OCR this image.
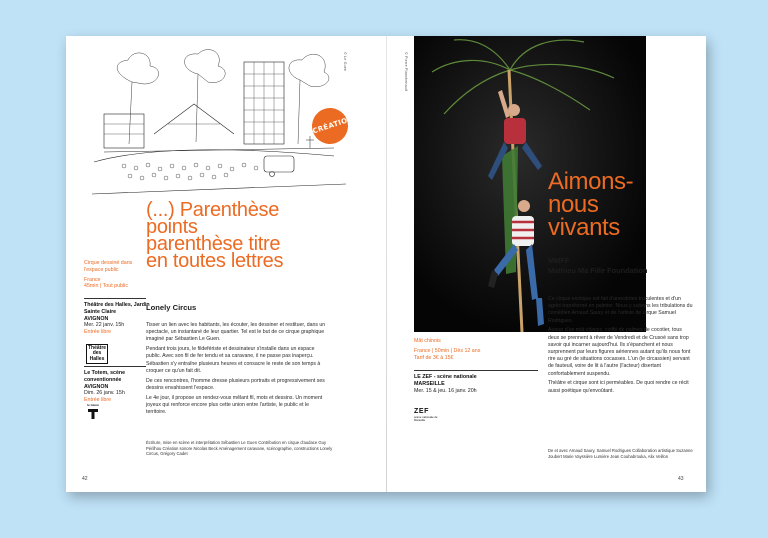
© Le Guen
CRÉATION
(...) Parenthèse
points
parenthèse titre
en toutes lettres
Lonely Circus
Cirque dessiné dans l'espace public
France
45min | Tout public
Théâtre des Halles, Jardin Sainte Claire
AVIGNON
Mer. 22 janv. 15h
Entrée libre
Théâtre des Halles
Le Totem, scène conventionnée
AVIGNON
Dim. 26 janv. 15h
Entrée libre
le totem

Tisser un lien avec les habitants, les écouter, les dessiner et restituer, dans un spectacle, un instantané de leur quartier. Tel est le but de ce cirque graphique imaginé par Sébastien Le Guen.

Pendant trois jours, le fildefériste et dessinateur s'installe dans un espace public. Avec son fil de fer tendu et sa caravane, il ne passe pas inaperçu. Sébastien s'y entraîne plusieurs heures et consacre le reste de son temps à croquer ce qu'un fait dit.

De ces rencontres, l'homme dresse plusieurs portraits et progressivement ses dessins envahissent l'espace.

Le 4e jour, il propose un rendez-vous mêlant fil, mots et dessins. Un moment joyeux qui renforce encore plus cette union entre l'artiste, le public et le territoire.

Écriture, mise en scène et interprétation Sébastien Le Guen Contribution en cirque d'audace Guy Périlhou Création sonore Nicolas Beck Aménagement caravane, scénographie, constructions Lonely Circus, Grégory Cadet
42
© Pierre Planchenault
Aimons-
nous
vivants
MMFF
Mathieu Ma Fille Foundation
Mât chinois
France | 50min | Dès 12 ans
Tarif de 3€ à 15€
LE ZEF - scène nationale
MARSEILLE
Mer. 15 & jeu. 16 janv. 20h
ZEF
scène nationale de Marseille

Ce cirque exotique est fait d'anecdotes truculentes et d'un agrès transformé en palmier. Nous y suivons les tribulations du comédien Arnaud Saury et de l'artiste de cirque Samuel Rodrigues.

Autour d'un mât chinois, coiffé de palmes de cocotier, tous deux se prennent à rêver de Vendredi et de Crusoé sans trop savoir qui incarner aujourd'hui. Ils s'épanchent et nous surprennent par leurs figures aériennes autant qu'ils nous font rire au gré de situations cocasses. L'un (le circassien) servant de fauteuil, voire de lit à l'autre (l'acteur) disertant confortablement suspendu.

Théâtre et cirque sont ici perméables. De quoi rendre ce récit aussi poétique qu'envoûtant.

De et avec Arnaud Saury, Samuel Rodrigues Collaboration artistique Suzanne Joubert Marie Vayssière Lumière Jean Couhabrouka, Alix Veillon
43
